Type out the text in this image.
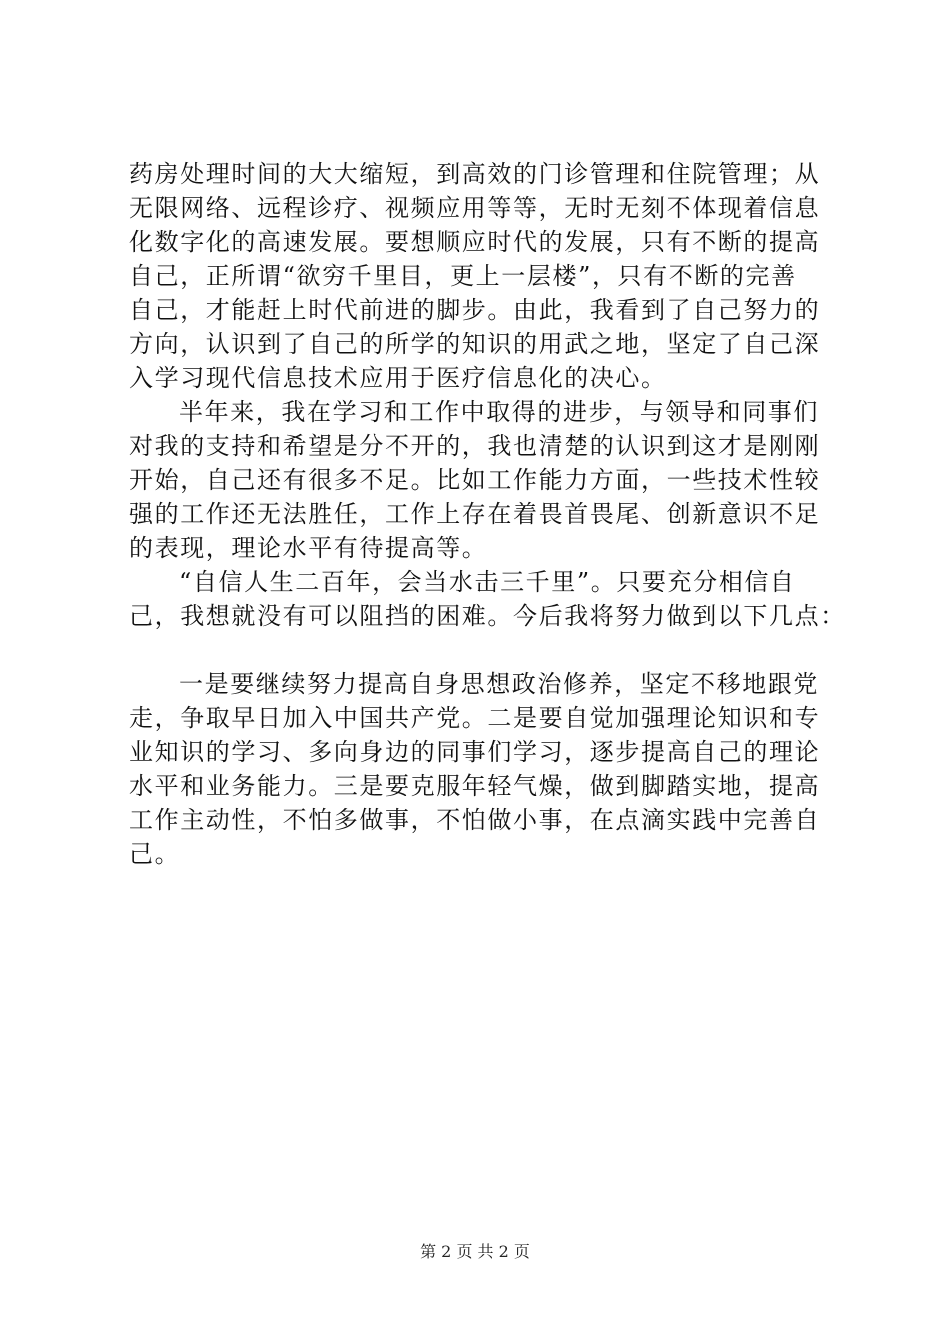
药房处理时间的大大缩短，到高效的门诊管理和住院管理；从
无限网络、远程诊疗、视频应用等等，无时无刻不体现着信息
化数字化的高速发展。要想顺应时代的发展，只有不断的提高
自己，正所谓“欲穷千里目，更上一层楼”，只有不断的完善
自己，才能赶上时代前进的脚步。由此，我看到了自己努力的
方向，认识到了自己的所学的知识的用武之地，坚定了自己深
入学习现代信息技术应用于医疗信息化的决心。
半年来，我在学习和工作中取得的进步，与领导和同事们
对我的支持和希望是分不开的，我也清楚的认识到这才是刚刚
开始，自己还有很多不足。比如工作能力方面，一些技术性较
强的工作还无法胜任，工作上存在着畏首畏尾、创新意识不足
的表现，理论水平有待提高等。
“自信人生二百年，会当水击三千里”。只要充分相信自
己，我想就没有可以阻挡的困难。今后我将努力做到以下几点：
一是要继续努力提高自身思想政治修养，坚定不移地跟党
走，争取早日加入中国共产党。二是要自觉加强理论知识和专
业知识的学习、多向身边的同事们学习，逐步提高自己的理论
水平和业务能力。三是要克服年轻气燥，做到脚踏实地，提高
工作主动性，不怕多做事，不怕做小事，在点滴实践中完善自
己。
第 2 页 共 2 页
